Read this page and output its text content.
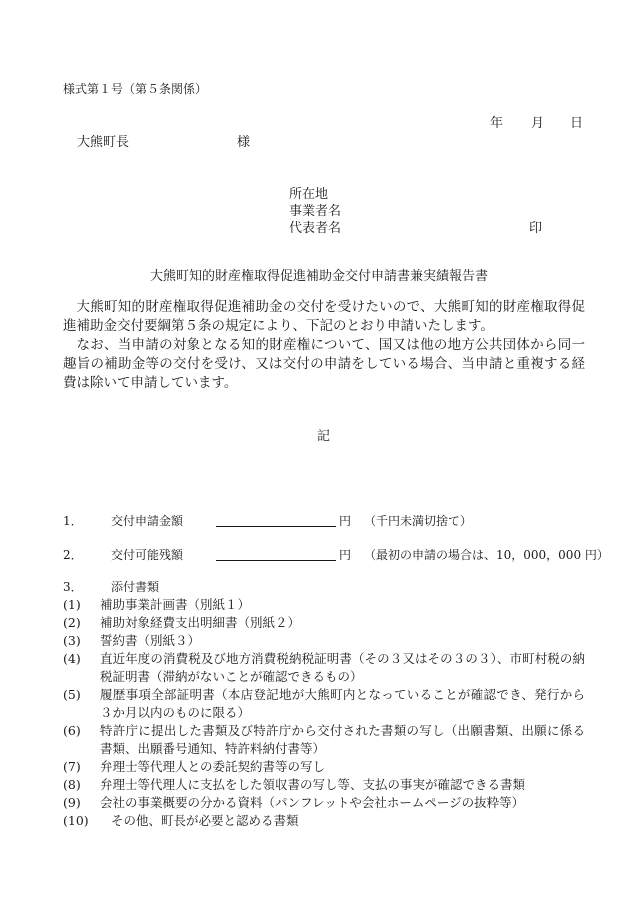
様式第１号（第５条関係）
年 月 日
大熊町長	様
所在地
事業者名
代表者名	印
大熊町知的財産権取得促進補助金交付申請書兼実績報告書

大熊町知的財産権取得促進補助金の交付を受けたいので、大熊町知的財産権取得促進補助金交付要綱第５条の規定により、下記のとおり申請いたします。

なお、当申請の対象となる知的財産権について、国又は他の地方公共団体から同一趣旨の補助金等の交付を受け、又は交付の申請をしている場合、当申請と重複する経費は除いて申請しています。

記
1． 交付申請金額	円 （千円未満切捨て）
2． 交付可能残額	円 （最初の申請の場合は、10，000，000 円）
3． 添付書類
(1)	補助事業計画書（別紙１）
(2)	補助対象経費支出明細書（別紙２）
(3)	誓約書（別紙３）
(4)	直近年度の消費税及び地方消費税納税証明書（その３又はその３の３）、市町村税の納税証明書（滞納がないことが確認できるもの）
(5)	履歴事項全部証明書（本店登記地が大熊町内となっていることが確認でき、発行から３か月以内のものに限る）
(6)	特許庁に提出した書類及び特許庁から交付された書類の写し（出願書類、出願に係る書類、出願番号通知、特許料納付書等）
(7)	弁理士等代理人との委託契約書等の写し
(8)	弁理士等代理人に支払をした領収書の写し等、支払の事実が確認できる書類
(9)	会社の事業概要の分かる資料（パンフレットや会社ホームページの抜粋等）
(10)	その他、町長が必要と認める書類
